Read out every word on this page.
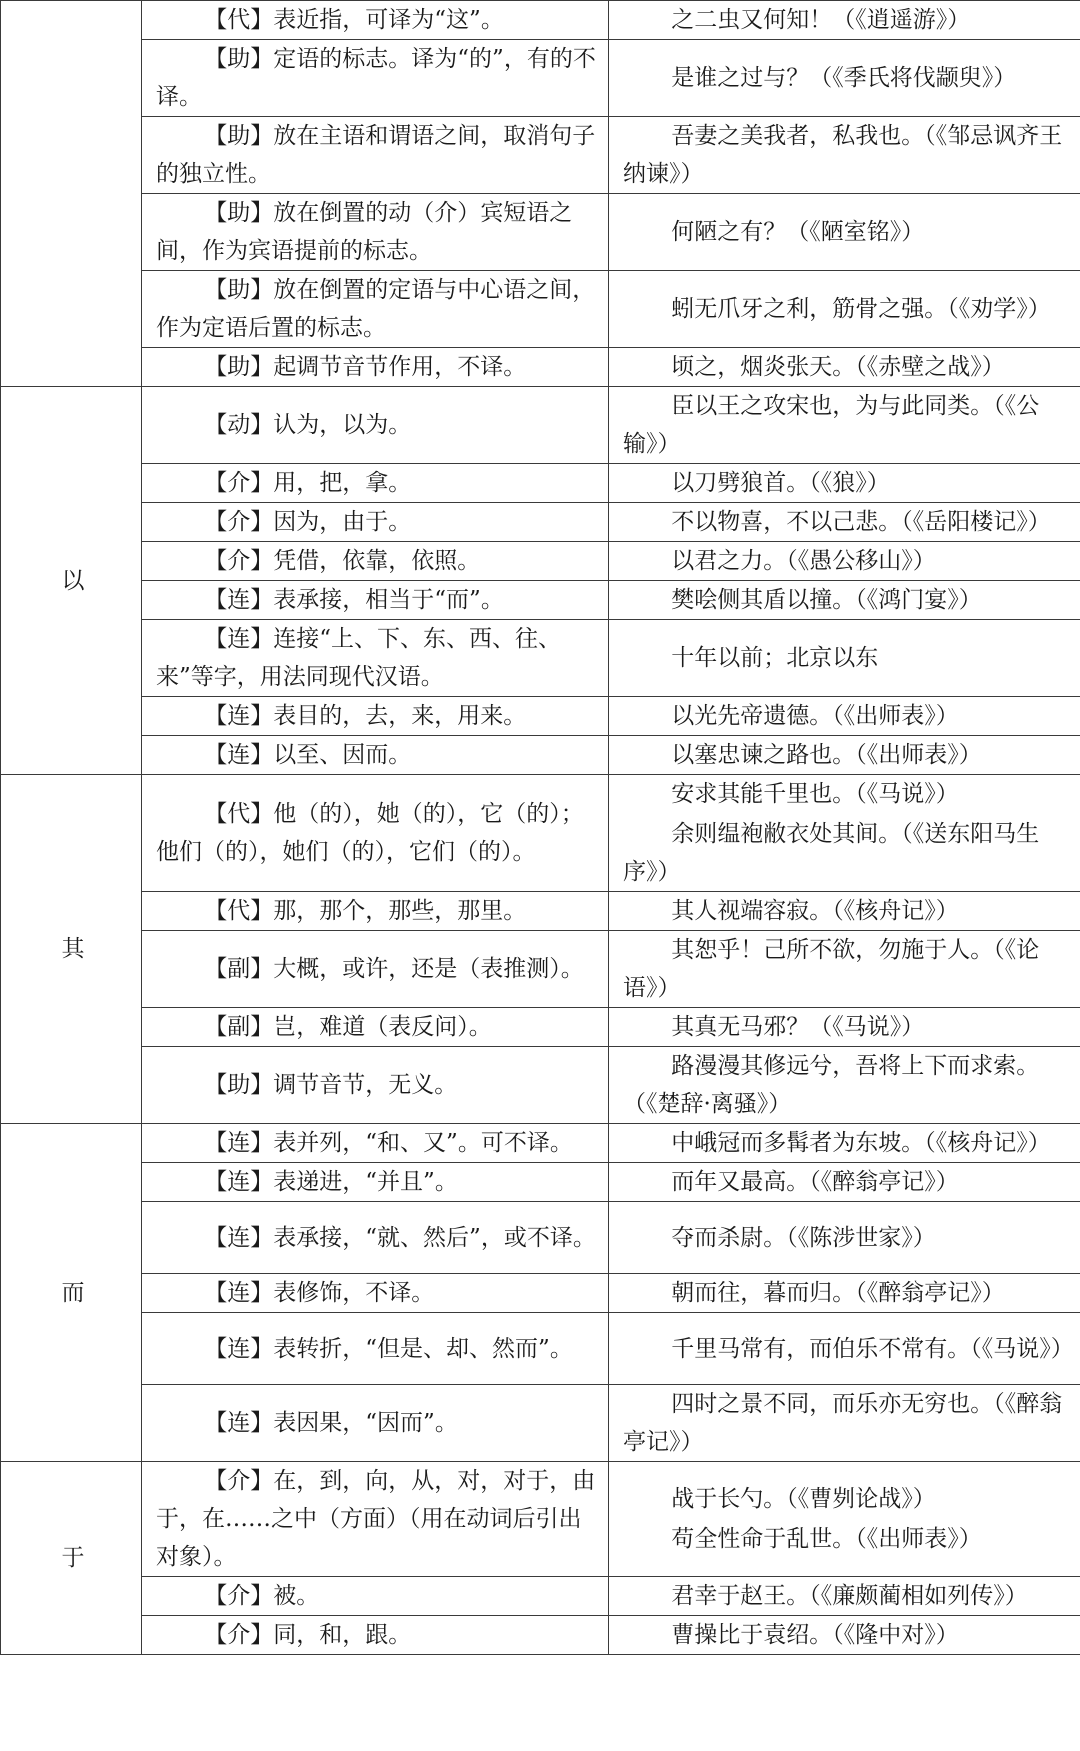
	【代】表近指，可译为“这”。	之二虫又何知！（《逍遥游》）

	【助】定语的标志。译为“的”，有的不译。	是谁之过与？（《季氏将伐颛臾》）

	【助】放在主语和谓语之间，取消句子的独立性。	吾妻之美我者，私我也。（《邹忌讽齐王纳谏》）

	【助】放在倒置的动（介）宾短语之间，作为宾语提前的标志。	何陋之有？（《陋室铭》）

	【助】放在倒置的定语与中心语之间，作为定语后置的标志。	蚓无爪牙之利，筋骨之强。（《劝学》）

	【助】起调节音节作用，不译。	顷之，烟炎张天。（《赤壁之战》）

以	【动】认为，以为。	臣以王之攻宋也，为与此同类。（《公输》）

	【介】用，把，拿。	以刀劈狼首。（《狼》）

	【介】因为，由于。	不以物喜，不以己悲。（《岳阳楼记》）

	【介】凭借，依靠，依照。	以君之力。（《愚公移山》）

	【连】表承接，相当于“而”。	樊哙侧其盾以撞。（《鸿门宴》）

	【连】连接“上、下、东、西、往、来”等字，用法同现代汉语。	十年以前；北京以东

	【连】表目的，去，来，用来。	以光先帝遗德。（《出师表》）

	【连】以至、因而。	以塞忠谏之路也。（《出师表》）

其	【代】他（的），她（的），它（的）；他们（的），她们（的），它们（的）。	安求其能千里也。（《马说》）
余则缊袍敝衣处其间。（《送东阳马生序》）

	【代】那，那个，那些，那里。	其人视端容寂。（《核舟记》）

	【副】大概，或许，还是（表推测）。	其恕乎！己所不欲，勿施于人。（《论语》）

	【副】岂，难道（表反问）。	其真无马邪？（《马说》）

	【助】调节音节，无义。	路漫漫其修远兮，吾将上下而求索。（《楚辞·离骚》）

而	【连】表并列，“和、又”。可不译。	中峨冠而多髯者为东坡。（《核舟记》）

	【连】表递进，“并且”。	而年又最高。（《醉翁亭记》）

	【连】表承接，“就、然后”，或不译。	夺而杀尉。（《陈涉世家》）

	【连】表修饰，不译。	朝而往，暮而归。（《醉翁亭记》）

	【连】表转折，“但是、却、然而”。	千里马常有，而伯乐不常有。（《马说》）

	【连】表因果，“因而”。	四时之景不同，而乐亦无穷也。（《醉翁亭记》）

于	【介】在，到，向，从，对，对于，由于，在……之中（方面）（用在动词后引出对象）。	战于长勺。（《曹刿论战》）
苟全性命于乱世。（《出师表》）

	【介】被。	君幸于赵王。（《廉颇蔺相如列传》）

	【介】同，和，跟。	曹操比于袁绍。（《隆中对》）
